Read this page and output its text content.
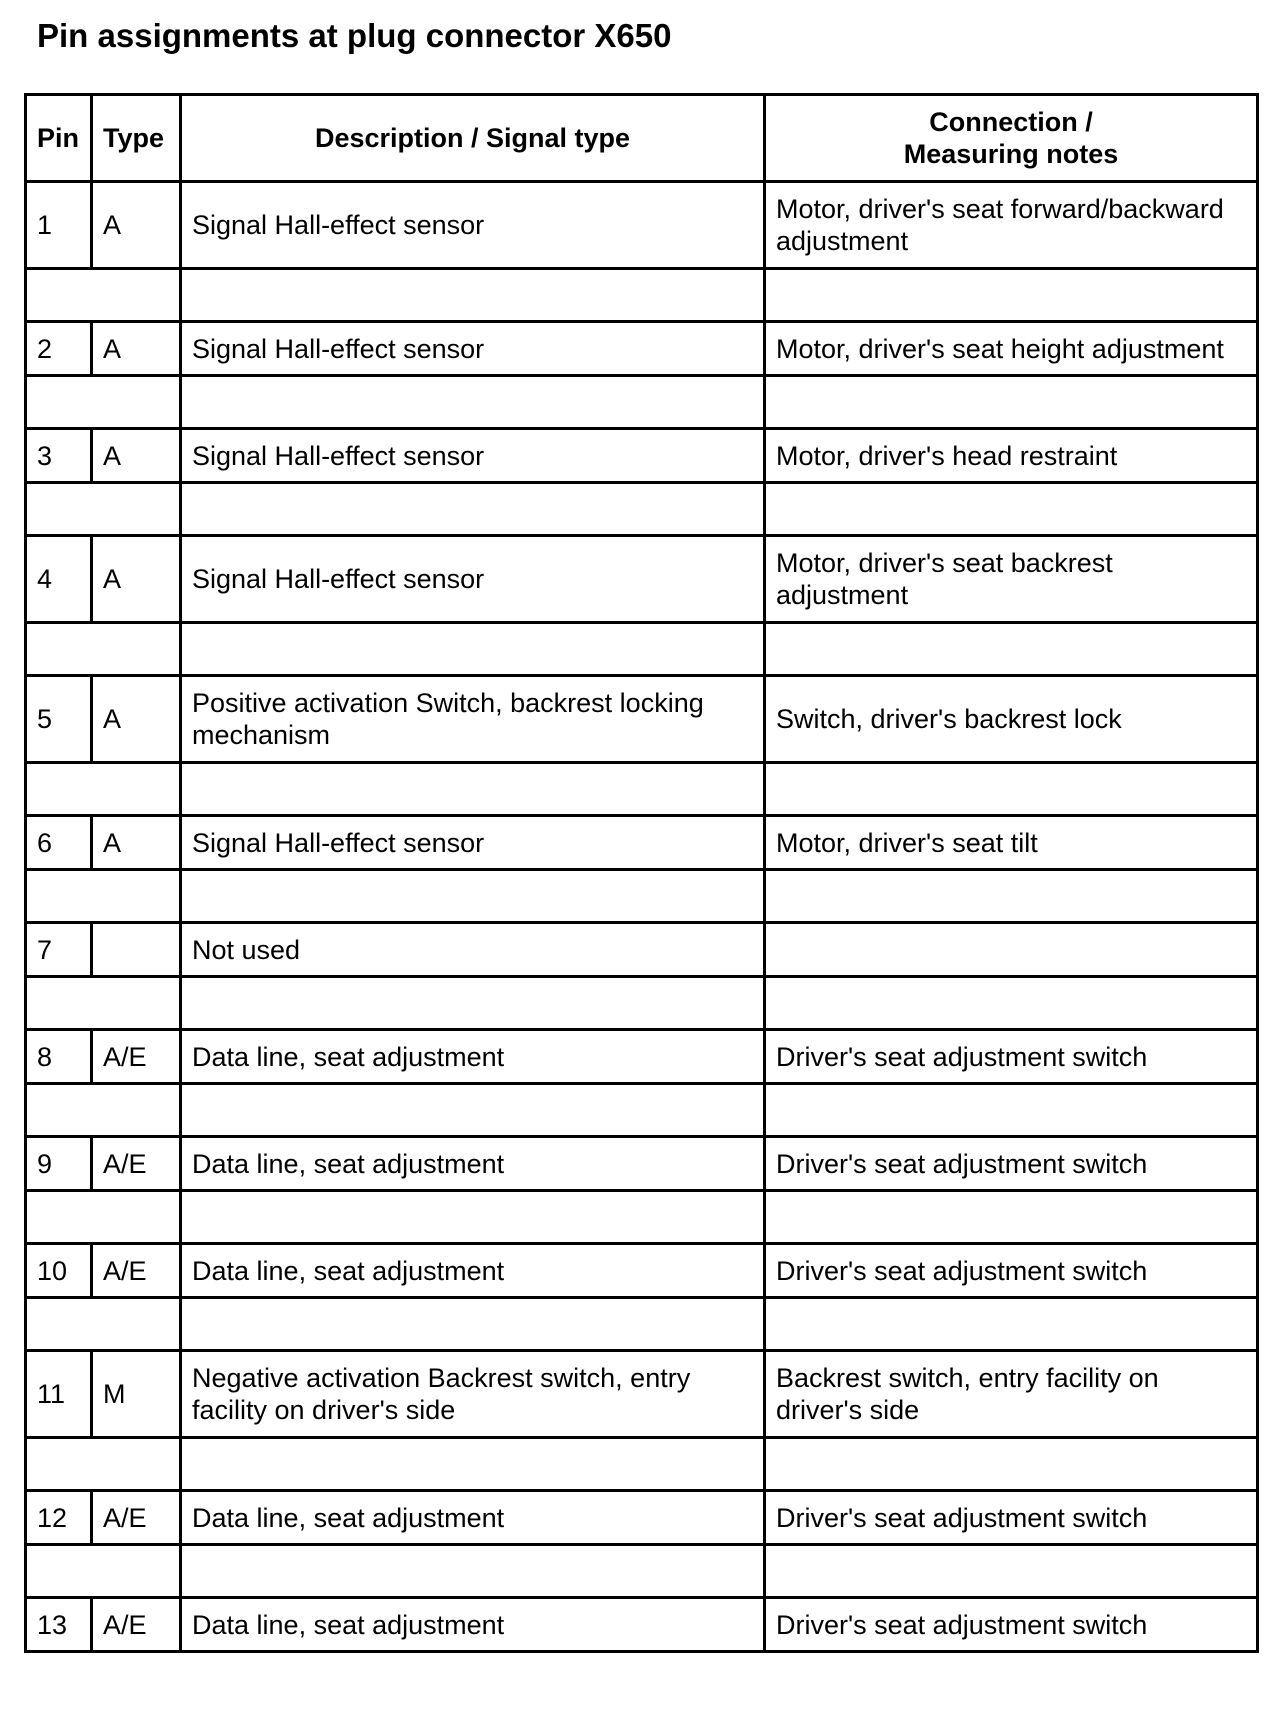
Pin assignments at plug connector X650
Pin	Type	Description / Signal type	Connection /
Measuring notes
1	A	Signal Hall-effect sensor	Motor, driver's seat forward/backward adjustment

2	A	Signal Hall-effect sensor	Motor, driver's seat height adjustment

3	A	Signal Hall-effect sensor	Motor, driver's head restraint

4	A	Signal Hall-effect sensor	Motor, driver's seat backrest adjustment

5	A	Positive activation Switch, backrest locking mechanism	Switch, driver's backrest lock

6	A	Signal Hall-effect sensor	Motor, driver's seat tilt

7		Not used	

8	A/E	Data line, seat adjustment	Driver's seat adjustment switch

9	A/E	Data line, seat adjustment	Driver's seat adjustment switch

10	A/E	Data line, seat adjustment	Driver's seat adjustment switch

11	M	Negative activation Backrest switch, entry facility on driver's side	Backrest switch, entry facility on driver's side

12	A/E	Data line, seat adjustment	Driver's seat adjustment switch

13	A/E	Data line, seat adjustment	Driver's seat adjustment switch
